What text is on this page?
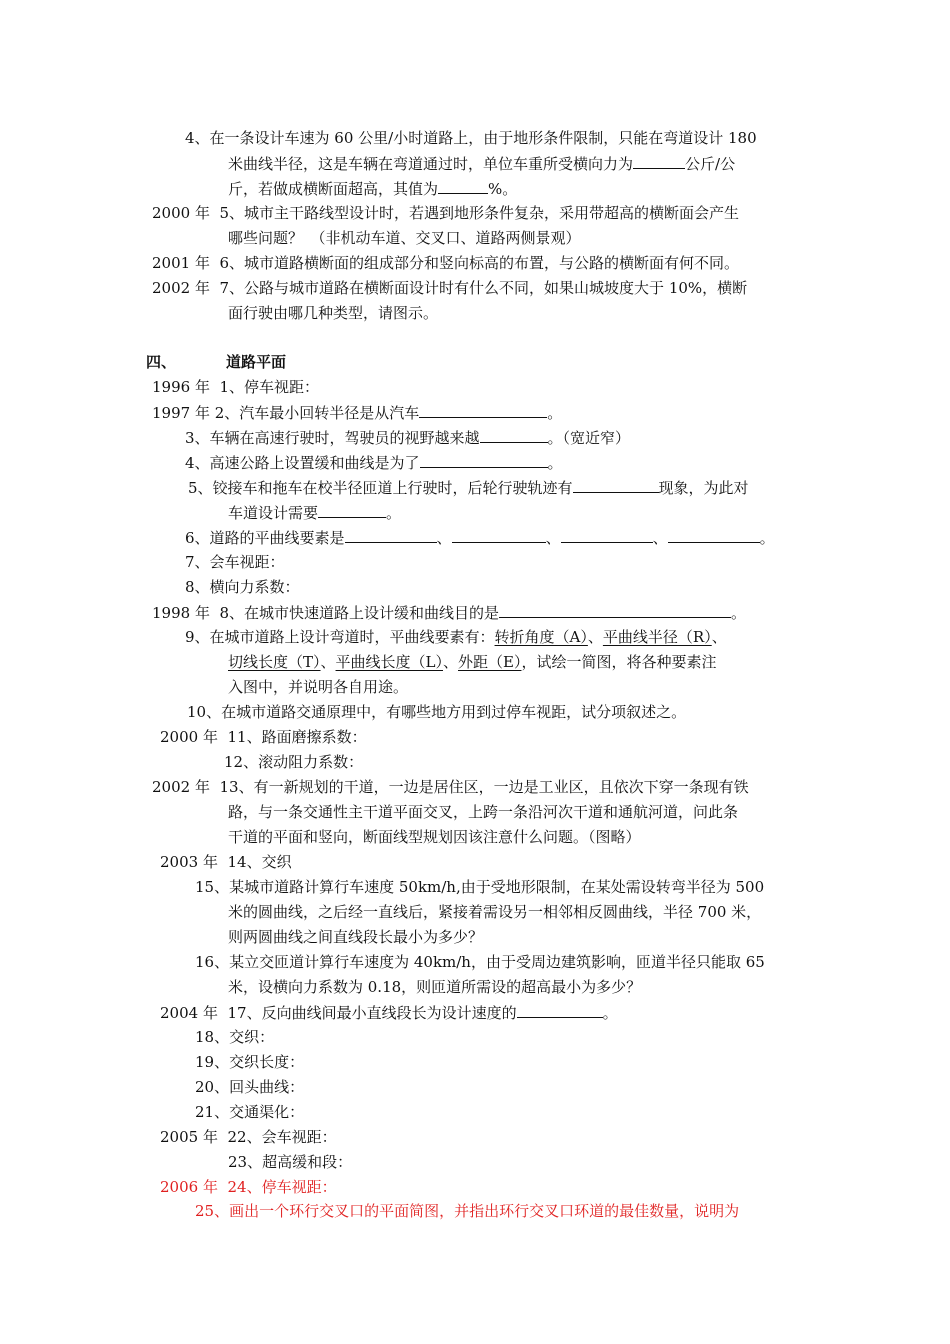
4、在一条设计车速为 60 公里/小时道路上，由于地形条件限制，只能在弯道设计 180
米曲线半径，这是车辆在弯道通过时，单位车重所受横向力为	公斤/公
斤，若做成横断面超高，其值为	%。
2000 年 5、城市主干路线型设计时，若遇到地形条件复杂，采用带超高的横断面会产生
哪些问题？　（非机动车道、交叉口、道路两侧景观）
2001 年 6、城市道路横断面的组成部分和竖向标高的布置，与公路的横断面有何不同。
2002 年 7、公路与城市道路在横断面设计时有什么不同，如果山城坡度大于 10%，横断
面行驶由哪几种类型，请图示。
四、	道路平面
1996 年 1、停车视距：
1997 年 2、汽车最小回转半径是从汽车	。
3、车辆在高速行驶时，驾驶员的视野越来越	。（宽近窄）
4、高速公路上设置缓和曲线是为了	。
5、铰接车和拖车在校半径匝道上行驶时，后轮行驶轨迹有	现象，为此对
车道设计需要	。
6、道路的平曲线要素是	、	、	、	。
7、会车视距：
8、横向力系数：
1998 年 8、在城市快速道路上设计缓和曲线目的是	。
9、在城市道路上设计弯道时，平曲线要素有：转折角度（A）、平曲线半径（R）、
切线长度（T）、平曲线长度（L）、外距（E），试绘一简图，将各种要素注
入图中，并说明各自用途。
10、在城市道路交通原理中，有哪些地方用到过停车视距，试分项叙述之。
2000 年 11、路面磨擦系数：
12、滚动阻力系数：
2002 年 13、有一新规划的干道，一边是居住区，一边是工业区，且依次下穿一条现有铁
路，与一条交通性主干道平面交叉，上跨一条沿河次干道和通航河道，问此条
干道的平面和竖向，断面线型规划因该注意什么问题。（图略）
2003 年 14、交织
15、某城市道路计算行车速度 50km/h,由于受地形限制，在某处需设转弯半径为 500
米的圆曲线，之后经一直线后，紧接着需设另一相邻相反圆曲线，半径 700 米，
则两圆曲线之间直线段长最小为多少？
16、某立交匝道计算行车速度为 40km/h，由于受周边建筑影响，匝道半径只能取 65
米，设横向力系数为 0.18，则匝道所需设的超高最小为多少？
2004 年 17、反向曲线间最小直线段长为设计速度的	。
18、交织：
19、交织长度：
20、回头曲线：
21、交通渠化：
2005 年 22、会车视距：
23、超高缓和段：
2006 年 24、停车视距：
25、画出一个环行交叉口的平面简图，并指出环行交叉口环道的最佳数量，说明为
